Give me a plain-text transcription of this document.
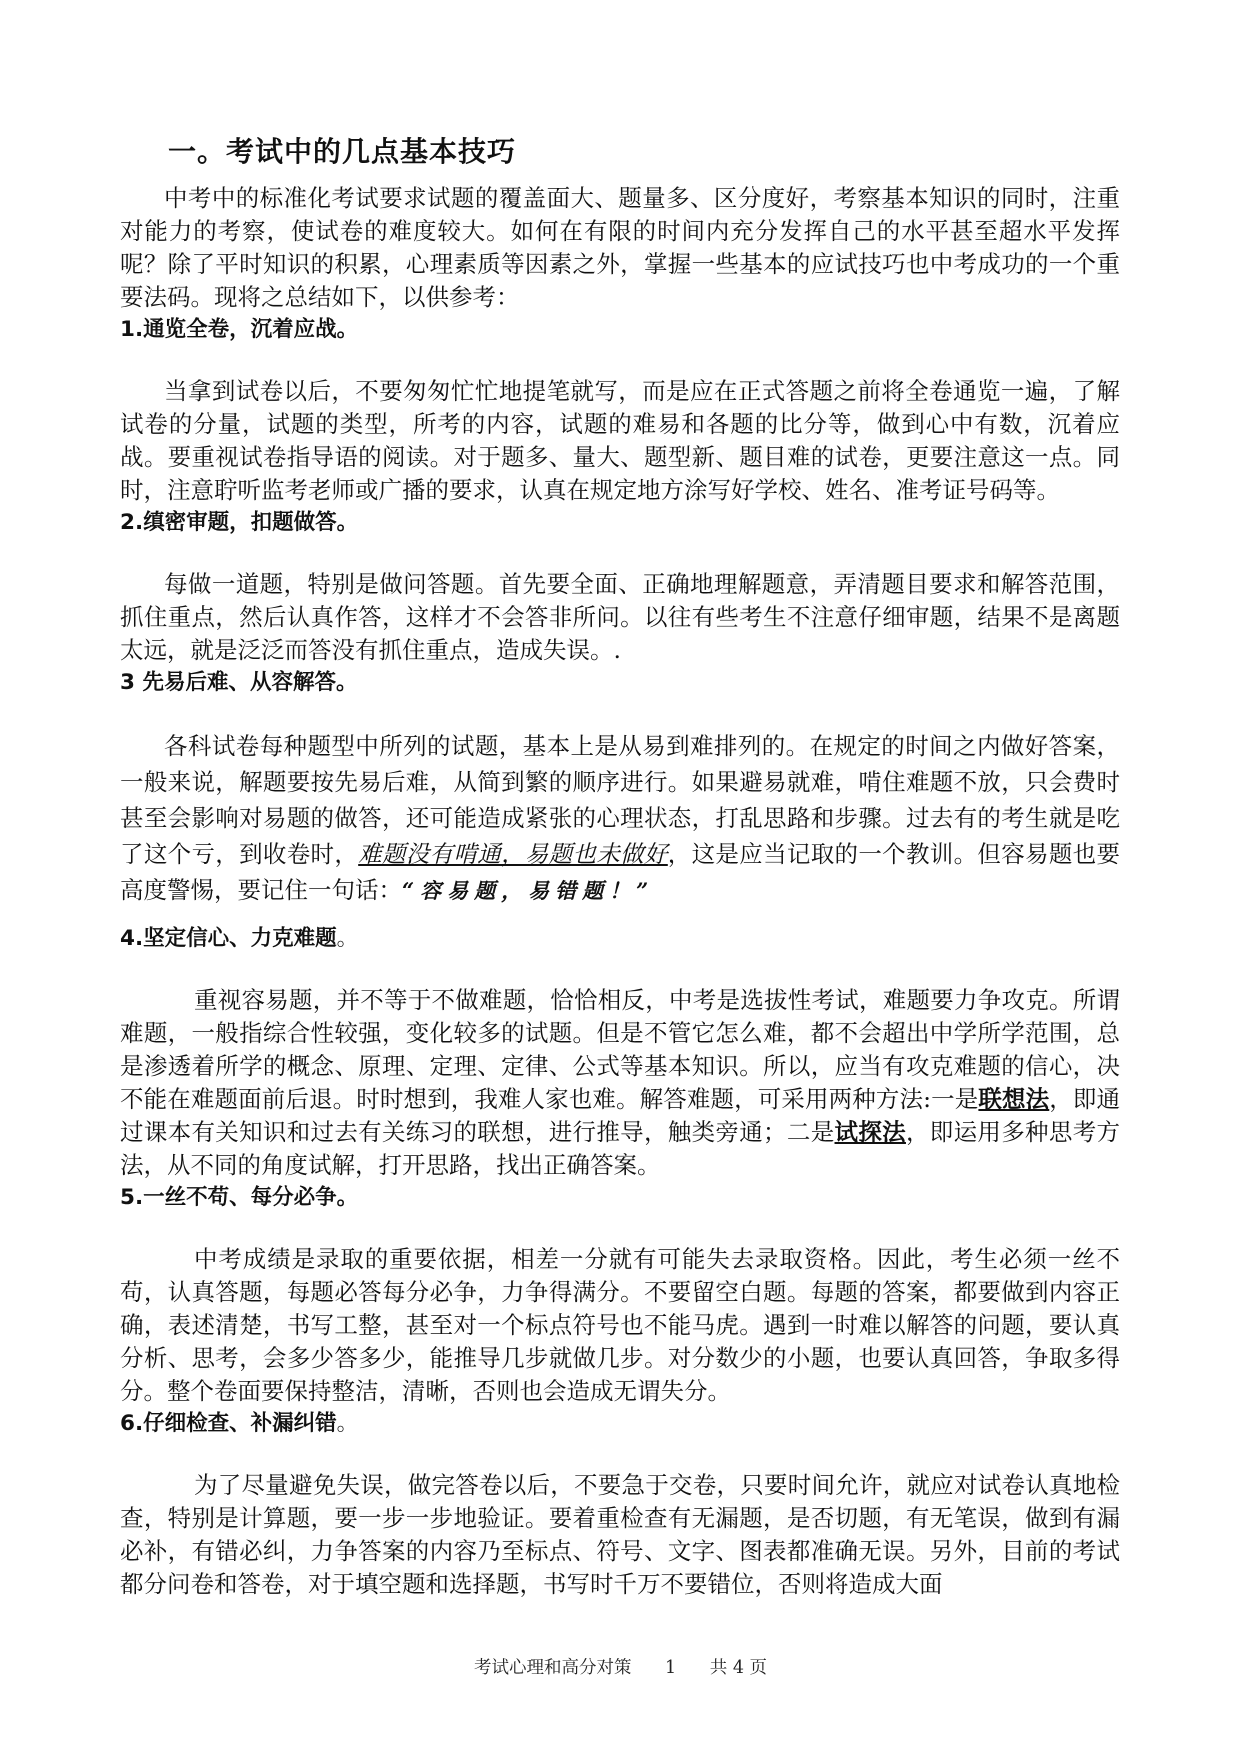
一。考试中的几点基本技巧

中考中的标准化考试要求试题的覆盖面大、题量多、区分度好，考察基本知识的同时，注重对能力的考察，使试卷的难度较大。如何在有限的时间内充分发挥自己的水平甚至超水平发挥呢？除了平时知识的积累，心理素质等因素之外，掌握一些基本的应试技巧也中考成功的一个重要法码。现将之总结如下，以供参考：

1.通览全卷，沉着应战。

当拿到试卷以后，不要匆匆忙忙地提笔就写，而是应在正式答题之前将全卷通览一遍，了解试卷的分量，试题的类型，所考的内容，试题的难易和各题的比分等，做到心中有数，沉着应战。要重视试卷指导语的阅读。对于题多、量大、题型新、题目难的试卷，更要注意这一点。同时，注意聍听监考老师或广播的要求，认真在规定地方涂写好学校、姓名、准考证号码等。

2.缜密审题，扣题做答。

每做一道题，特别是做问答题。首先要全面、正确地理解题意，弄清题目要求和解答范围，抓住重点，然后认真作答，这样才不会答非所问。以往有些考生不注意仔细审题，结果不是离题太远，就是泛泛而答没有抓住重点，造成失误。.

3 先易后难、从容解答。

各科试卷每种题型中所列的试题，基本上是从易到难排列的。在规定的时间之内做好答案，一般来说，解题要按先易后难，从简到繁的顺序进行。如果避易就难，啃住难题不放，只会费时甚至会影响对易题的做答，还可能造成紧张的心理状态，打乱思路和步骤。过去有的考生就是吃了这个亏，到收卷时，难题没有啃通，易题也未做好，这是应当记取的一个教训。但容易题也要高度警惕，要记住一句话：“容易题，易错题！”

4.坚定信心、力克难题。

重视容易题，并不等于不做难题，恰恰相反，中考是选拔性考试，难题要力争攻克。所谓难题，一般指综合性较强，变化较多的试题。但是不管它怎么难，都不会超出中学所学范围，总是渗透着所学的概念、原理、定理、定律、公式等基本知识。所以，应当有攻克难题的信心，决不能在难题面前后退。时时想到，我难人家也难。解答难题，可采用两种方法:一是联想法，即通过课本有关知识和过去有关练习的联想，进行推导，触类旁通；二是试探法，即运用多种思考方法，从不同的角度试解，打开思路，找出正确答案。

5.一丝不苟、每分必争。

中考成绩是录取的重要依据，相差一分就有可能失去录取资格。因此，考生必须一丝不苟，认真答题，每题必答每分必争，力争得满分。不要留空白题。每题的答案，都要做到内容正确，表述清楚，书写工整，甚至对一个标点符号也不能马虎。遇到一时难以解答的问题，要认真分析、思考，会多少答多少，能推导几步就做几步。对分数少的小题，也要认真回答，争取多得分。整个卷面要保持整洁，清晰，否则也会造成无谓失分。

6.仔细检查、补漏纠错。

为了尽量避免失误，做完答卷以后，不要急于交卷，只要时间允许，就应对试卷认真地检查，特别是计算题，要一步一步地验证。要着重检查有无漏题，是否切题，有无笔误，做到有漏必补，有错必纠，力争答案的内容乃至标点、符号、文字、图表都准确无误。另外，目前的考试都分问卷和答卷，对于填空题和选择题，书写时千万不要错位，否则将造成大面

考试心理和高分对策 1 共 4 页
